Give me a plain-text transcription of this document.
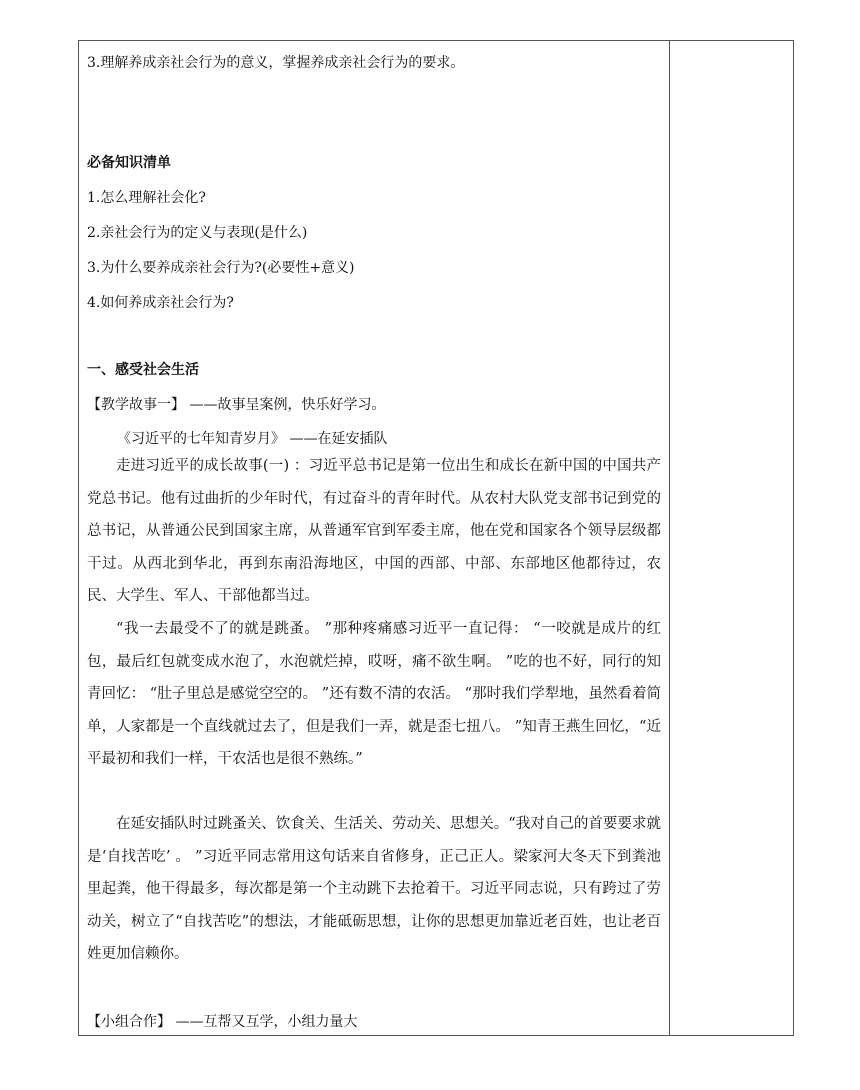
3.理解养成亲社会行为的意义，掌握养成亲社会行为的要求。
必备知识清单
1.怎么理解社会化?
2.亲社会行为的定义与表现(是什么)
3.为什么要养成亲社会行为?(必要性+意义)
4.如何养成亲社会行为?
一、感受社会生活
【教学故事一】 ——故事呈案例，快乐好学习。
《习近平的七年知青岁月》 ——在延安插队
走进习近平的成长故事(一) ：习近平总书记是第一位出生和成长在新中国的中国共产党总书记。他有过曲折的少年时代，有过奋斗的青年时代。从农村大队党支部书记到党的总书记，从普通公民到国家主席，从普通军官到军委主席，他在党和国家各个领导层级都干过。从西北到华北，再到东南沿海地区，中国的西部、中部、东部地区他都待过，农民、大学生、军人、干部他都当过。
“我一去最受不了的就是跳蚤。 ”那种疼痛感习近平一直记得： “一咬就是成片的红包，最后红包就变成水泡了，水泡就烂掉，哎呀，痛不欲生啊。 ”吃的也不好，同行的知青回忆： “肚子里总是感觉空空的。 ”还有数不清的农活。 “那时我们学犁地，虽然看着简单，人家都是一个直线就过去了，但是我们一弄，就是歪七扭八。 ”知青王燕生回忆，“近平最初和我们一样，干农活也是很不熟练。”
在延安插队时过跳蚤关、饮食关、生活关、劳动关、思想关。“我对自己的首要要求就是‘自找苦吃’ 。 ”习近平同志常用这句话来自省修身，正己正人。梁家河大冬天下到粪池里起粪，他干得最多，每次都是第一个主动跳下去抢着干。习近平同志说，只有跨过了劳动关，树立了“自找苦吃”的想法，才能砥砺思想，让你的思想更加靠近老百姓，也让老百姓更加信赖你。
【小组合作】 ——互帮又互学，小组力量大
